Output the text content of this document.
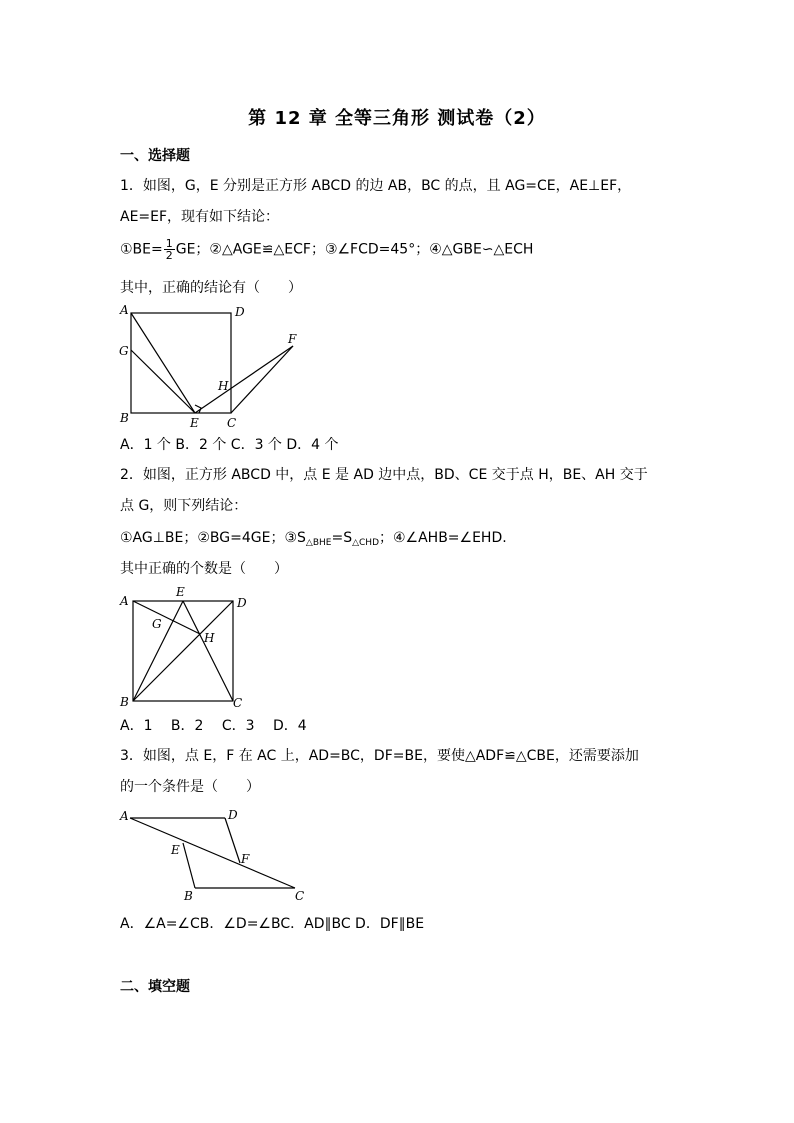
第 12 章 全等三角形 测试卷（2）
一、选择题
1．如图，G，E 分别是正方形 ABCD 的边 AB，BC 的点，且 AG=CE，AE⊥EF，
AE=EF，现有如下结论：
①BE= $\frac{1}{2}$ GE；②△AGE≌△ECF；③∠FCD=45°；④△GBE∽△ECH
其中，正确的结论有（　　）
A	D
G
F
H
B	E C
A．1 个 B．2 个 C．3 个 D．4 个
2．如图，正方形 ABCD 中，点 E 是 AD 边中点，BD、CE 交于点 H，BE、AH 交于
点 G，则下列结论：
①AG⊥BE；②BG=4GE；$③S_{\triangle BHE}=S_{\triangle CHD}$；④∠AHB=∠EHD.
其中正确的个数是（　　）
A
E
D
G
H
B	C
A．1　 B．2　 C．3　 D．4
3．如图，点 E，F 在 AC 上，AD=BC，DF=BE，要使△ADF≌△CBE，还需要添加
的一个条件是（　　）
A	D
E
F
B	C
A．∠A=∠CB．∠D=∠BC．AD∥BC D．DF∥BE
二、填空题
